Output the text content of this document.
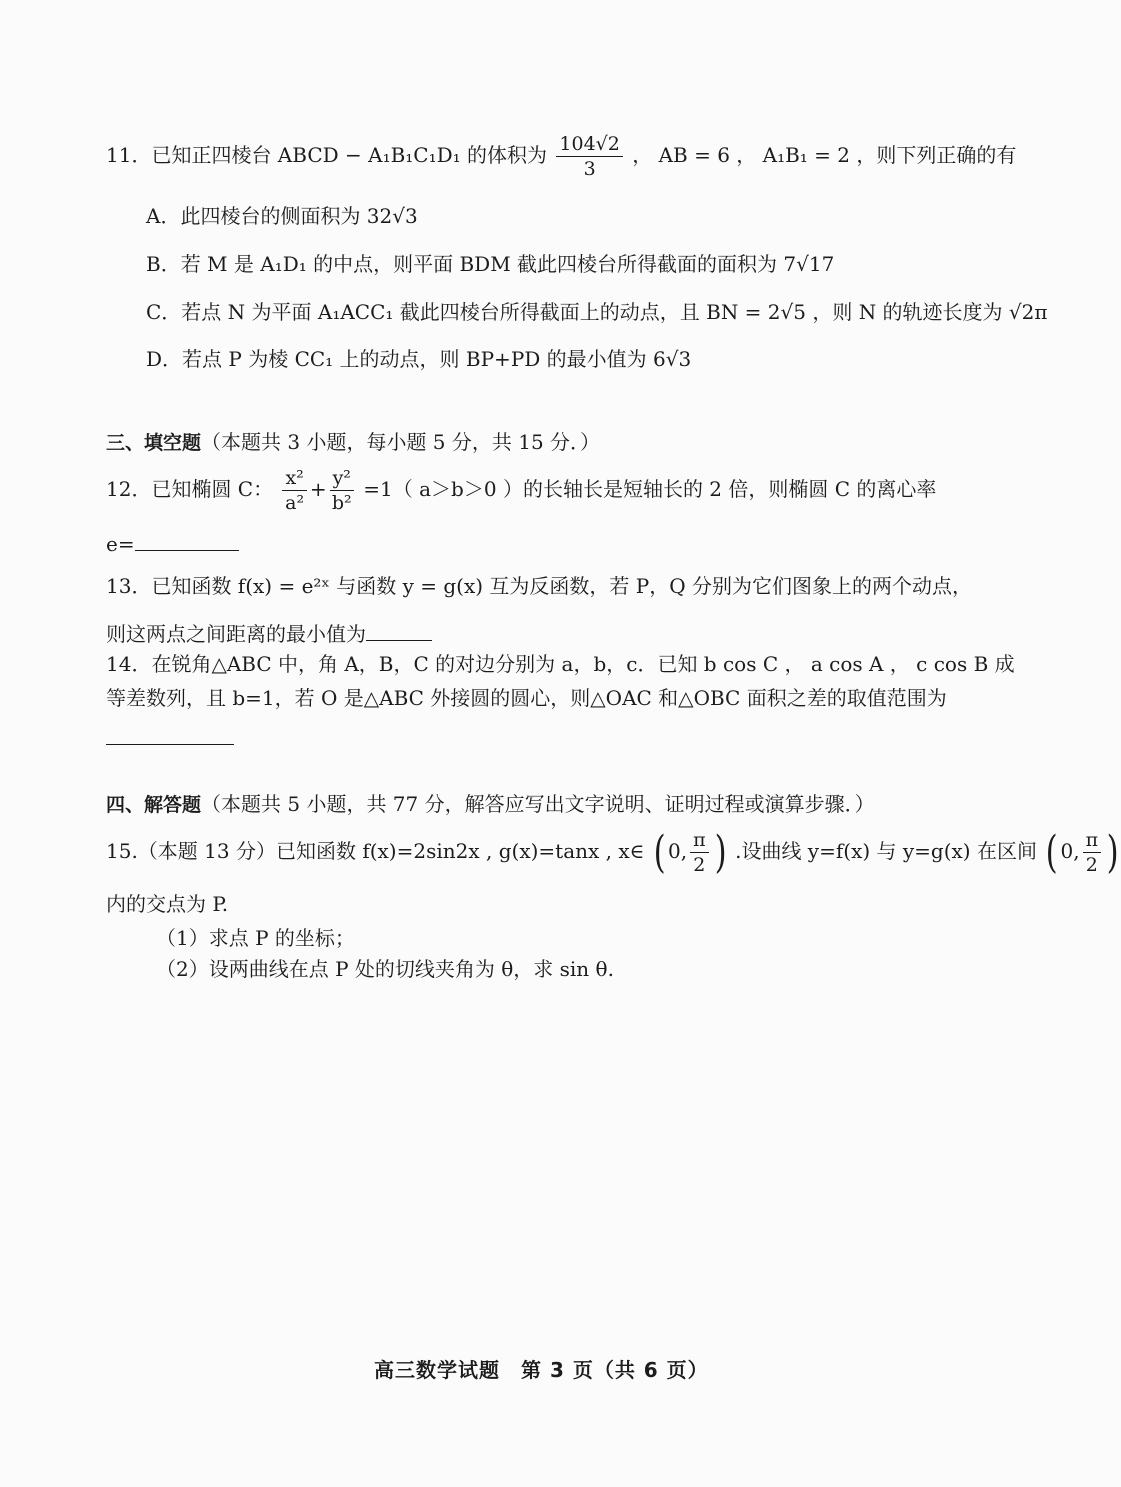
11．已知正四棱台 ABCD − A₁B₁C₁D₁ 的体积为 $\frac{104√2}{3}$ ， AB = 6 ， A₁B₁ = 2 ，则下列正确的有
A．此四棱台的侧面积为 32√3
B．若 M 是 A₁D₁ 的中点，则平面 BDM 截此四棱台所得截面的面积为 7√17
C．若点 N 为平面 A₁ACC₁ 截此四棱台所得截面上的动点，且 BN = 2√5 ，则 N 的轨迹长度为 √2π
D．若点 P 为棱 CC₁ 上的动点，则 BP+PD 的最小值为 6√3
三、填空题（本题共 3 小题，每小题 5 分，共 15 分．）
12．已知椭圆 C： $\frac{\text{x²}}{\text{a²}} + \frac{\text{y²}}{\text{b²}} =1$（ a＞b＞0 ）的长轴长是短轴长的 2 倍，则椭圆 C 的离心率
e=
13．已知函数 f(x) = e²ˣ 与函数 y = g(x) 互为反函数，若 P，Q 分别为它们图象上的两个动点，
则这两点之间距离的最小值为
14．在锐角△ABC 中，角 A，B，C 的对边分别为 a，b，c．已知 b cos C ， a cos A ， c cos B 成
等差数列，且 b=1，若 O 是△ABC 外接圆的圆心，则△OAC 和△OBC 面积之差的取值范围为
四、解答题（本题共 5 小题，共 77 分，解答应写出文字说明、证明过程或演算步骤．）
15.（本题 13 分）已知函数 f(x)=2sin2x , g(x)=tanx , x∈ ( 0, $\frac{\pi}{2}$ ) .设曲线 y=f(x) 与 y=g(x) 在区间 ( 0, $\frac{\pi}{2}$ )
内的交点为 P.
（1）求点 P 的坐标；
（2）设两曲线在点 P 处的切线夹角为 θ，求 sin θ.
高三数学试题　第 3 页（共 6 页）
